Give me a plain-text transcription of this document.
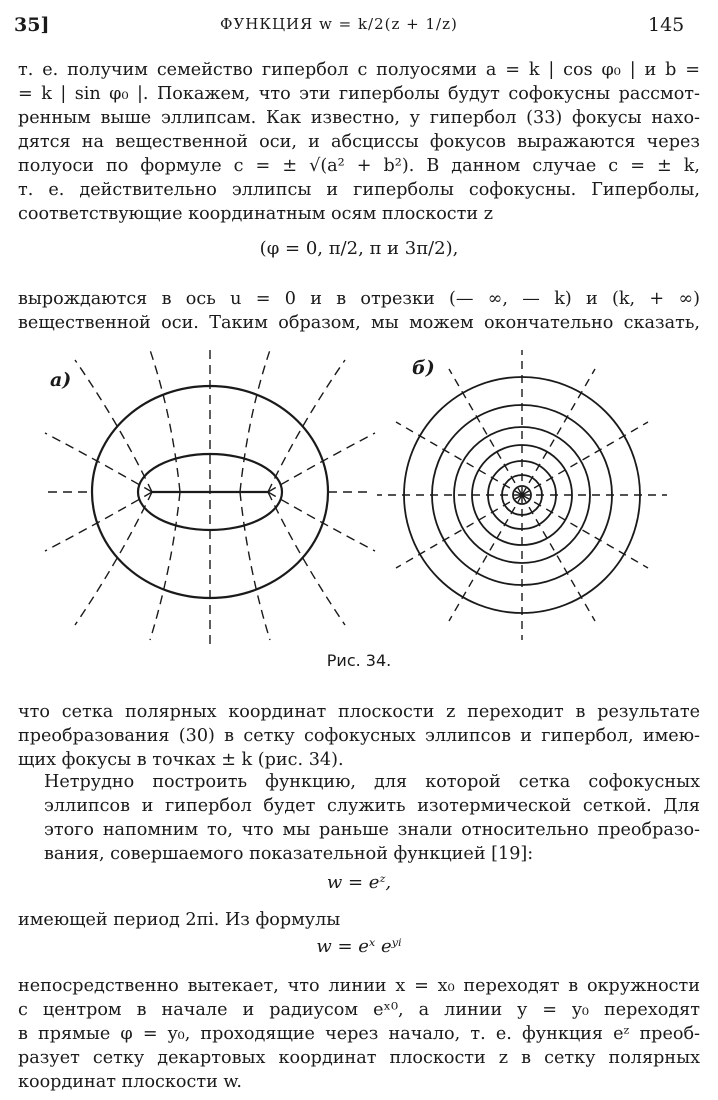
35]	ФУНКЦИЯ w = k/2(z + 1/z)	145
т. е. получим семейство гипербол с полуосями a = k | cos φ₀ | и b =
= k | sin φ₀ |. Покажем, что эти гиперболы будут софокусны рассмот-
ренным выше эллипсам. Как известно, у гипербол (33) фокусы нахо-
дятся на вещественной оси, и абсциссы фокусов выражаются через
полуоси по формуле c = ± √(a² + b²). В данном случае c = ± k,
т. е. действительно эллипсы и гиперболы софокусны. Гиперболы,
соответствующие координатным осям плоскости z
(φ = 0, π/2, π и 3π/2),
вырождаются в ось u = 0 и в отрезки (— ∞, — k) и (k, + ∞)
вещественной оси. Таким образом, мы можем окончательно сказать,
а)
б)
Рис. 34.
что сетка полярных координат плоскости z переходит в результате
преобразования (30) в сетку софокусных эллипсов и гипербол, имею-
щих фокусы в точках ± k (рис. 34).
Нетрудно построить функцию, для которой сетка софокусных
эллипсов и гипербол будет служить изотермической сеткой. Для
этого напомним то, что мы раньше знали относительно преобразо-
вания, совершаемого показательной функцией [19]:
w = eᶻ,
имеющей период 2πi. Из формулы
w = eˣ eʸⁱ
непосредственно вытекает, что линии x = x₀ переходят в окружности
с центром в начале и радиусом eˣ⁰, а линии y = y₀ переходят
в прямые φ = y₀, проходящие через начало, т. е. функция eᶻ преоб-
разует сетку декартовых координат плоскости z в сетку полярных
координат плоскости w.
